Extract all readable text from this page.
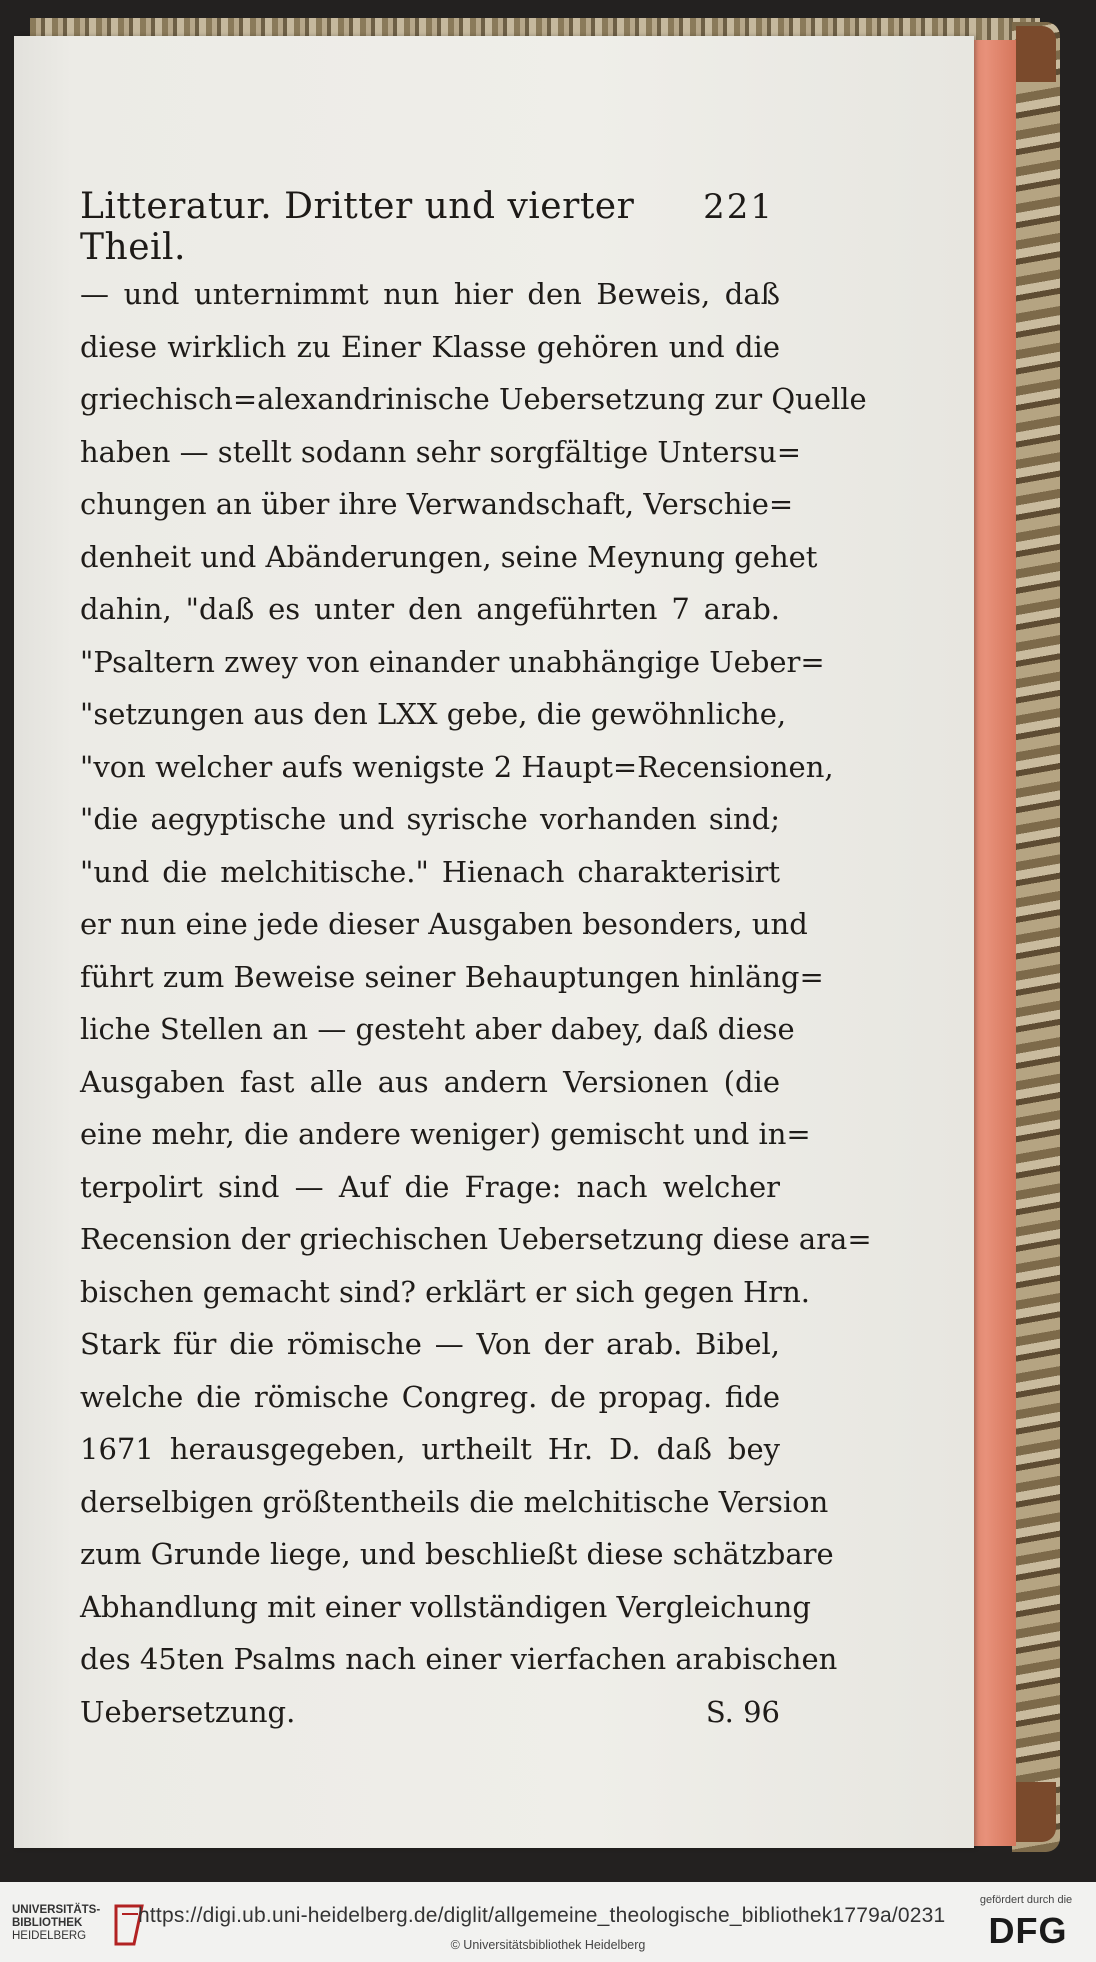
Litteratur. Dritter und vierter Theil.
221
— und unternimmt nun hier den Beweis, daß
diese wirklich zu Einer Klasse gehören und die
griechisch=alexandrinische Uebersetzung zur Quelle
haben — stellt sodann sehr sorgfältige Untersu=
chungen an über ihre Verwandschaft, Verschie=
denheit und Abänderungen, seine Meynung gehet
dahin, "daß es unter den angeführten 7 arab.
"Psaltern zwey von einander unabhängige Ueber=
"setzungen aus den LXX gebe, die gewöhnliche,
"von welcher aufs wenigste 2 Haupt=Recensionen,
"die aegyptische und syrische vorhanden sind;
"und die melchitische." Hienach charakterisirt
er nun eine jede dieser Ausgaben besonders, und
führt zum Beweise seiner Behauptungen hinläng=
liche Stellen an — gesteht aber dabey, daß diese
Ausgaben fast alle aus andern Versionen (die
eine mehr, die andere weniger) gemischt und in=
terpolirt sind — Auf die Frage: nach welcher
Recension der griechischen Uebersetzung diese ara=
bischen gemacht sind? erklärt er sich gegen Hrn.
Stark für die römische — Von der arab. Bibel,
welche die römische Congreg. de propag. fide
1671 herausgegeben, urtheilt Hr. D. daß bey
derselbigen größtentheils die melchitische Version
zum Grunde liege, und beschließt diese schätzbare
Abhandlung mit einer vollständigen Vergleichung
des 45ten Psalms nach einer vierfachen arabischen
Uebersetzung.	S. 96
UNIVERSITÄTS-
BIBLIOTHEK
HEIDELBERG
https://digi.ub.uni-heidelberg.de/diglit/allgemeine_theologische_bibliothek1779a/0231
© Universitätsbibliothek Heidelberg
gefördert durch die
DFG
